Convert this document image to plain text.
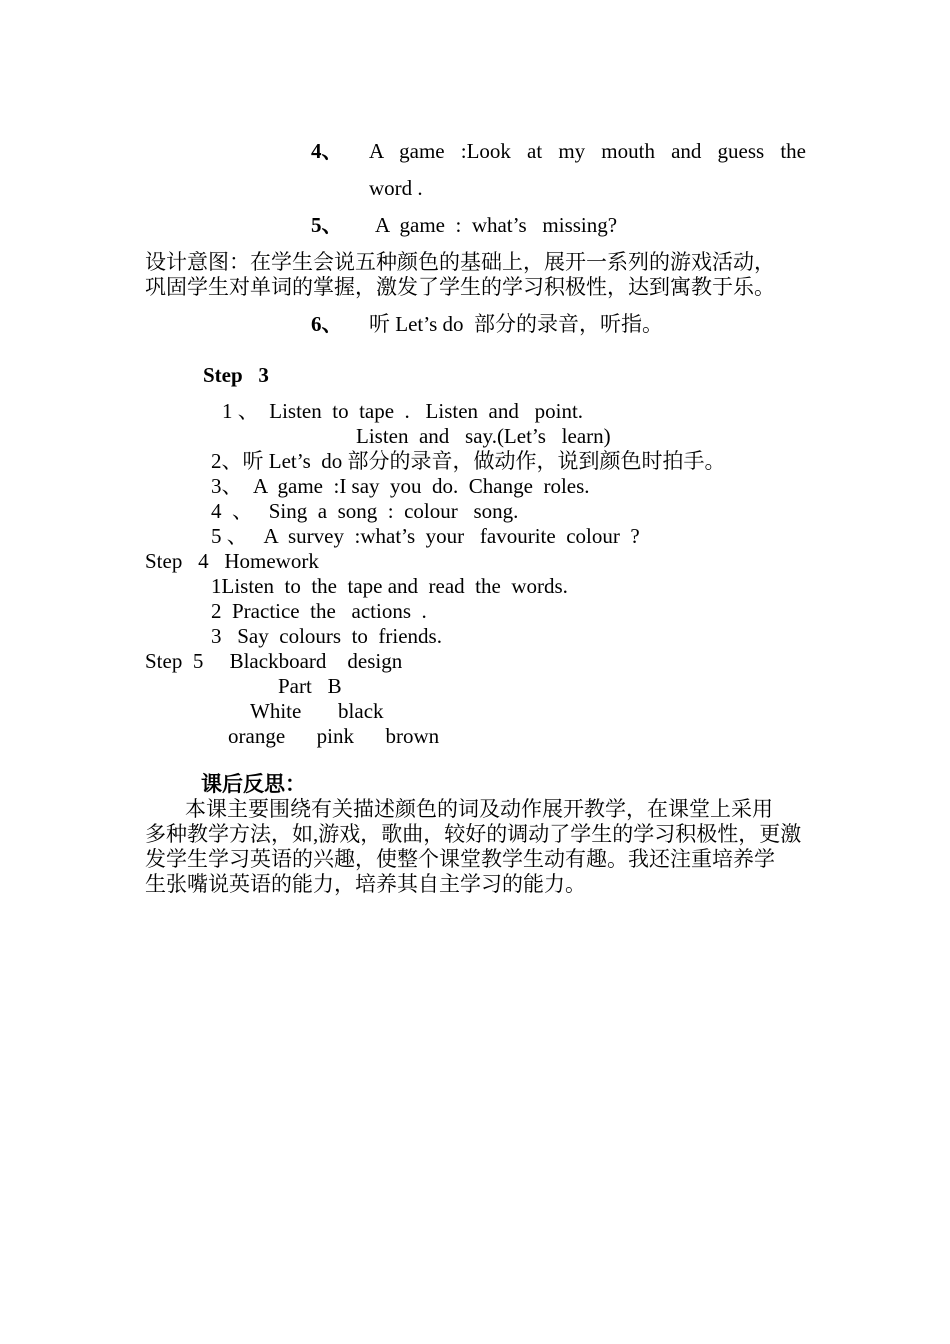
4、 A  game  :Look  at  my  mouth  and  guess  the
word .
5、 A  game  :  what’s   missing?
设计意图：在学生会说五种颜色的基础上，展开一系列的游戏活动，
巩固学生对单词的掌握，激发了学生的学习积极性，达到寓教于乐。
6、 听 Let’s do  部分的录音，听指。
Step   3
1 、  Listen  to  tape  .   Listen  and   point.
Listen  and   say.(Let’s   learn)
2、听 Let’s  do 部分的录音，做动作，说到颜色时拍手。
3、  A  game  :I say  you  do.  Change  roles.
4  、   Sing  a  song  :  colour   song.
5 、   A  survey  :what’s  your   favourite  colour  ?
Step   4   Homework
1Listen  to  the  tape and  read  the  words.
2  Practice  the   actions  .
3   Say  colours  to  friends.
Step  5     Blackboard    design
Part   B
White       black
orange      pink      brown
课后反思：
本课主要围绕有关描述颜色的词及动作展开教学，在课堂上采用
多种教学方法，如,游戏，歌曲，较好的调动了学生的学习积极性，更激
发学生学习英语的兴趣，使整个课堂教学生动有趣。我还注重培养学
生张嘴说英语的能力，培养其自主学习的能力。
